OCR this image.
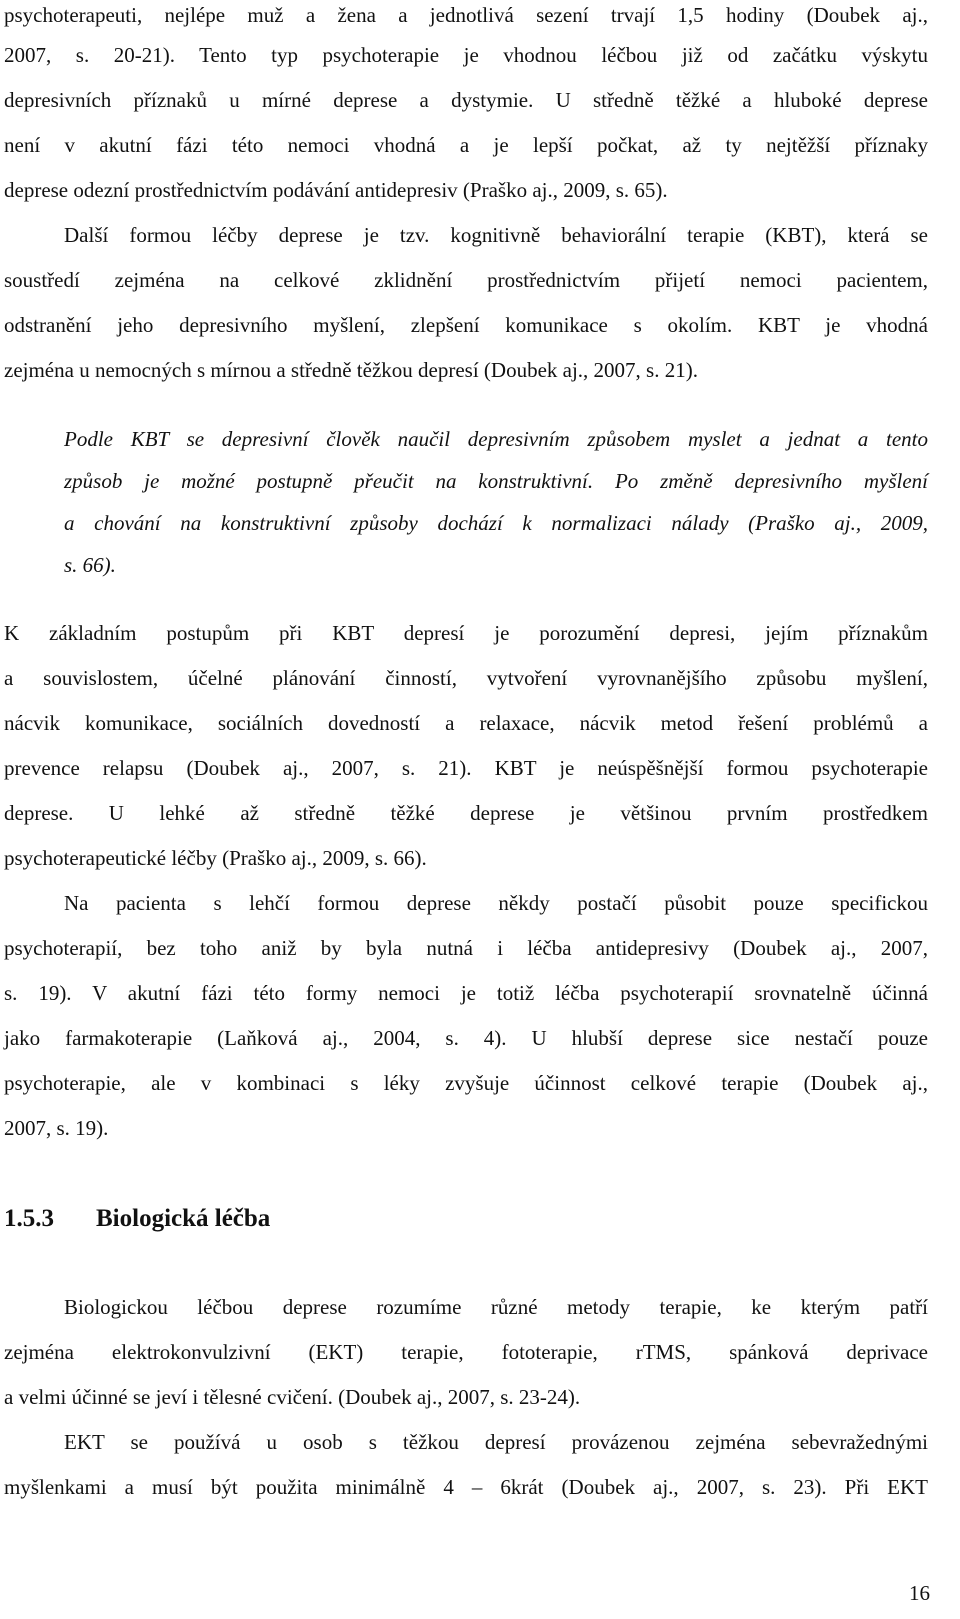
psychoterapeuti, nejlépe muž a žena a jednotlivá sezení trvají 1,5 hodiny (Doubek aj.,
2007, s. 20-21). Tento typ psychoterapie je vhodnou léčbou již od začátku výskytu
depresivních příznaků u mírné deprese a dystymie. U středně těžké a hluboké deprese
není v akutní fázi této nemoci vhodná a je lepší počkat, až ty nejtěžší příznaky
deprese odezní prostřednictvím podávání antidepresiv (Praško aj., 2009, s. 65).
Další formou léčby deprese je tzv. kognitivně behaviorální terapie (KBT), která se
soustředí zejména na celkové zklidnění prostřednictvím přijetí nemoci pacientem,
odstranění jeho depresivního myšlení, zlepšení komunikace s okolím. KBT je vhodná
zejména u nemocných s mírnou a středně těžkou depresí (Doubek aj., 2007, s. 21).
Podle KBT se depresivní člověk naučil depresivním způsobem myslet a jednat a tento
způsob je možné postupně přeučit na konstruktivní. Po změně depresivního myšlení
a chování na konstruktivní způsoby dochází k normalizaci nálady (Praško aj., 2009,
s. 66).
K základním postupům při KBT depresí je porozumění depresi, jejím příznakům
a souvislostem, účelné plánování činností, vytvoření vyrovnanějšího způsobu myšlení,
nácvik komunikace, sociálních dovedností a relaxace, nácvik metod řešení problémů a
prevence relapsu (Doubek aj., 2007, s. 21). KBT je neúspěšnější formou psychoterapie
deprese. U lehké až středně těžké deprese je většinou prvním prostředkem
psychoterapeutické léčby (Praško aj., 2009, s. 66).
Na pacienta s lehčí formou deprese někdy postačí působit pouze specifickou
psychoterapií, bez toho aniž by byla nutná i léčba antidepresivy (Doubek aj., 2007,
s. 19). V akutní fázi této formy nemoci je totiž léčba psychoterapií srovnatelně účinná
jako farmakoterapie (Laňková aj., 2004, s. 4). U hlubší deprese sice nestačí pouze
psychoterapie, ale v kombinaci s léky zvyšuje účinnost celkové terapie (Doubek aj.,
2007, s. 19).
1.5.3 Biologická léčba
Biologickou léčbou deprese rozumíme různé metody terapie, ke kterým patří
zejména elektrokonvulzivní (EKT) terapie, fototerapie, rTMS, spánková deprivace
a velmi účinné se jeví i tělesné cvičení. (Doubek aj., 2007, s. 23-24).
EKT se používá u osob s těžkou depresí provázenou zejména sebevražednými
myšlenkami a musí být použita minimálně 4 – 6krát (Doubek aj., 2007, s. 23). Při EKT
16
